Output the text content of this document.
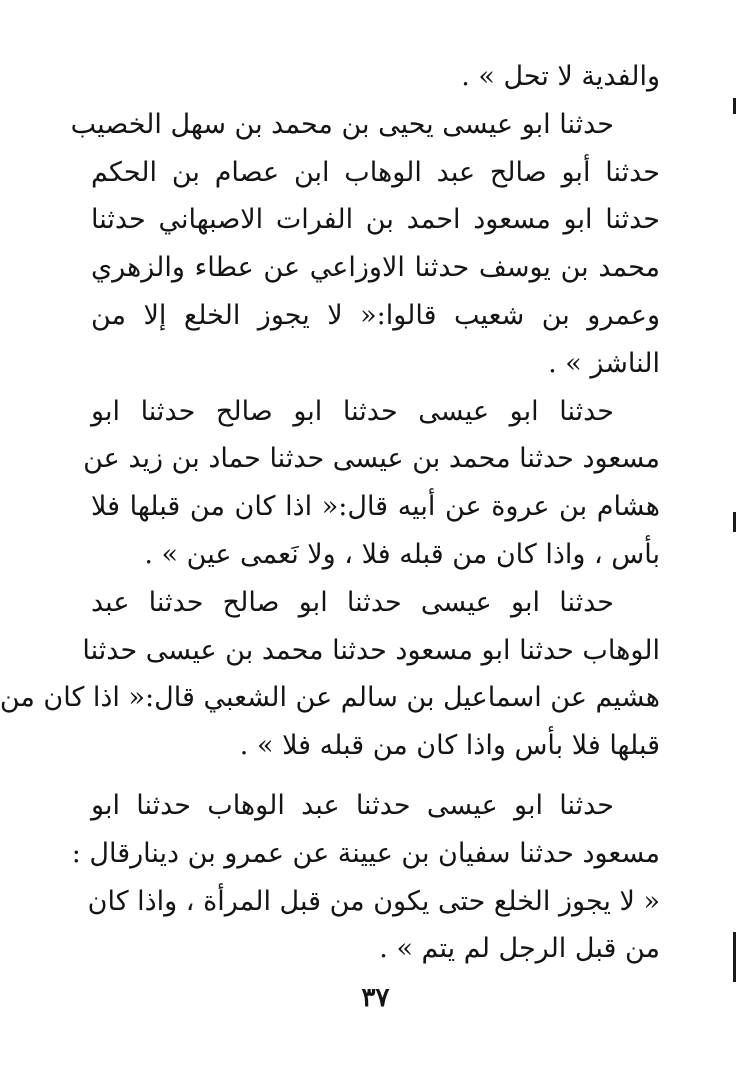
والفدية لا تحل » .
حدثنا ابو عيسى يحيى بن محمد بن سهل الخصيب
حدثنا أبو صالح عبد الوهاب ابن عصام بن الحكم
حدثنا ابو مسعود احمد بن الفرات الاصبهاني حدثنا
محمد بن يوسف حدثنا الاوزاعي عن عطاء والزهري
وعمرو بن شعيب قالوا:« لا يجوز الخلع إلا من
الناشز » .
حدثنا ابو عيسى حدثنا ابو صالح حدثنا ابو
مسعود حدثنا محمد بن عيسى حدثنا حماد بن زيد عن
هشام بن عروة عن أبيه قال:« اذا كان من قبلها فلا
بأس ، واذا كان من قبله فلا ، ولا نَعمى عين » .
حدثنا ابو عيسى حدثنا ابو صالح حدثنا عبد
الوهاب حدثنا ابو مسعود حدثنا محمد بن عيسى حدثنا
هشيم عن اسماعيل بن سالم عن الشعبي قال:« اذا كان من
قبلها فلا بأس واذا كان من قبله فلا » .
حدثنا ابو عيسى حدثنا عبد الوهاب حدثنا ابو
مسعود حدثنا سفيان بن عيينة عن عمرو بن دينارقال :
« لا يجوز الخلع حتى يكون من قبل المرأة ، واذا كان
من قبل الرجل لم يتم » .
٣٧
